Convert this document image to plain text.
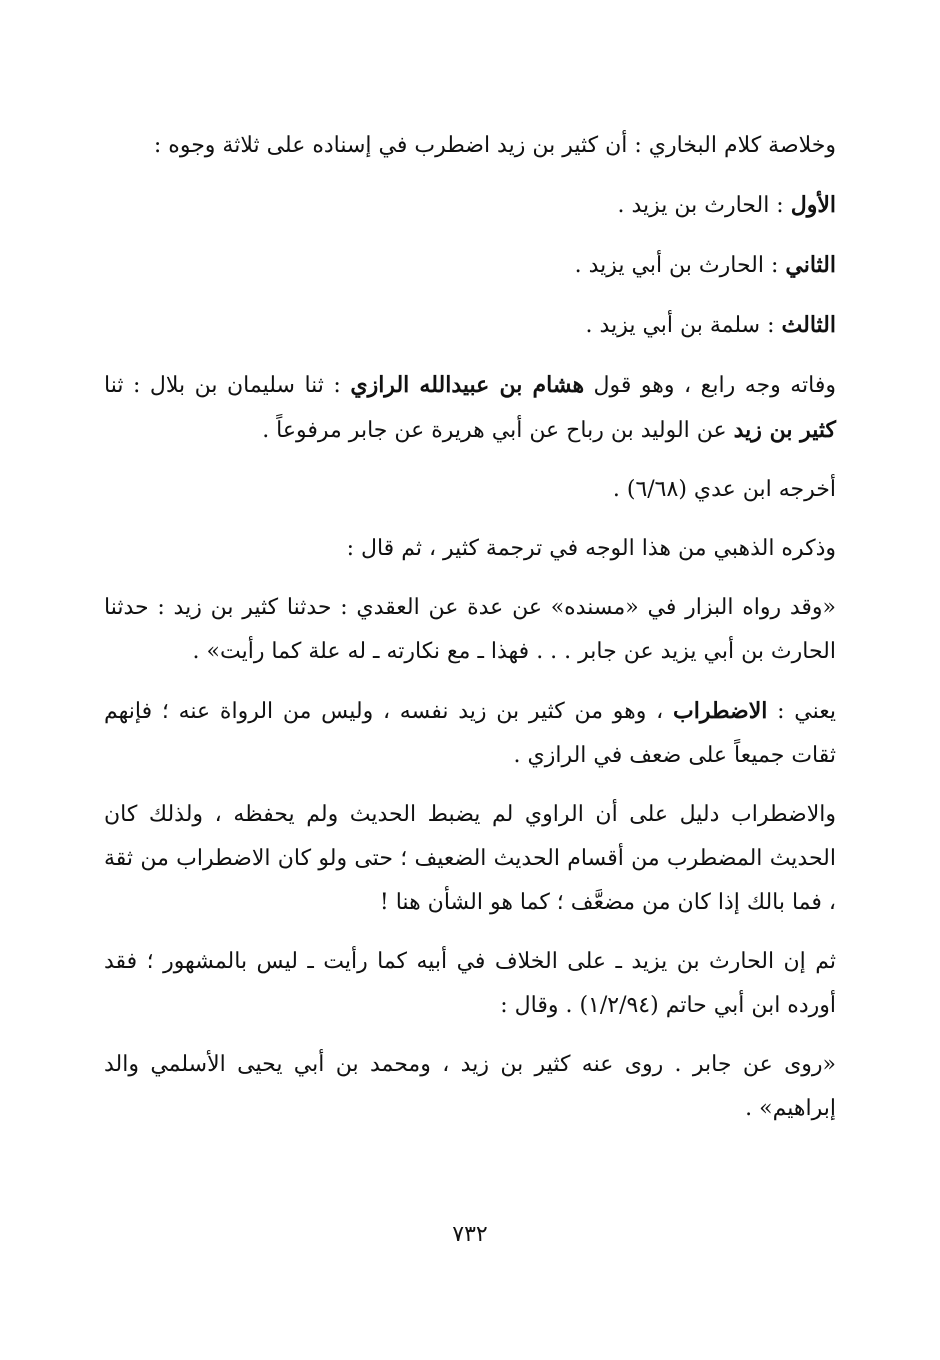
وخلاصة كلام البخاري : أن كثير بن زيد اضطرب في إسناده على ثلاثة وجوه :

الأول : الحارث بن يزيد .

الثاني : الحارث بن أبي يزيد .

الثالث : سلمة بن أبي يزيد .

وفاته وجه رابع ، وهو قول هشام بن عبيدالله الرازي : ثنا سليمان بن بلال : ثنا كثير بن زيد عن الوليد بن رباح عن أبي هريرة عن جابر مرفوعاً .

أخرجه ابن عدي (٦/٦٨) .

وذكره الذهبي من هذا الوجه في ترجمة كثير ، ثم قال :

«وقد رواه البزار في «مسنده» عن عدة عن العقدي : حدثنا كثير بن زيد : حدثنا الحارث بن أبي يزيد عن جابر . . . فهذا ـ مع نكارته ـ له علة كما رأيت» .

يعني : الاضطراب ، وهو من كثير بن زيد نفسه ، وليس من الرواة عنه ؛ فإنهم ثقات جميعاً على ضعف في الرازي .

والاضطراب دليل على أن الراوي لم يضبط الحديث ولم يحفظه ، ولذلك كان الحديث المضطرب من أقسام الحديث الضعيف ؛ حتى ولو كان الاضطراب من ثقة ، فما بالك إذا كان من مضعَّف ؛ كما هو الشأن هنا !

ثم إن الحارث بن يزيد ـ على الخلاف في أبيه كما رأيت ـ ليس بالمشهور ؛ فقد أورده ابن أبي حاتم (١/٢/٩٤) . وقال :

«روى عن جابر . روى عنه كثير بن زيد ، ومحمد بن أبي يحيى الأسلمي والد إبراهيم» .

٧٣٢
